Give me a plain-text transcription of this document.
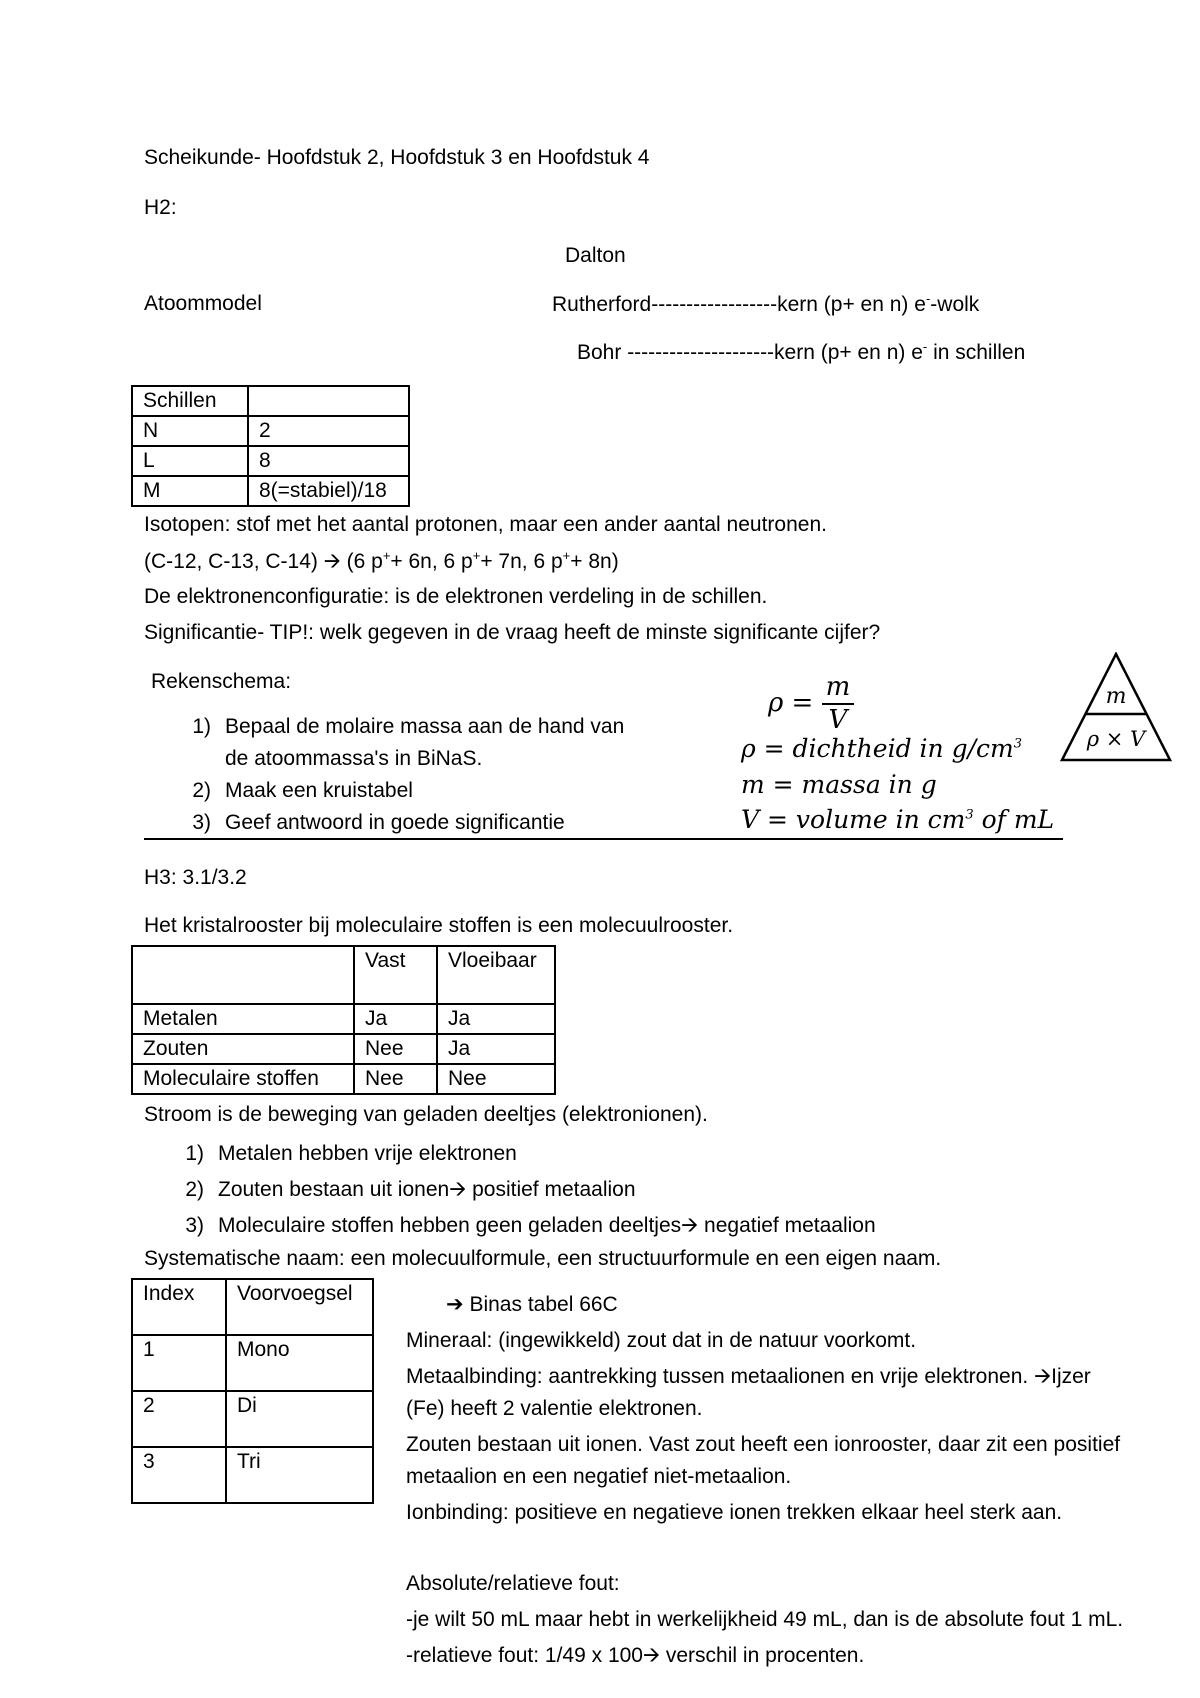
Scheikunde- Hoofdstuk 2, Hoofdstuk 3 en Hoofdstuk 4
H2:
Dalton
Atoommodel	Rutherford------------------kern (p+ en n) e--wolk
Bohr ---------------------kern (p+ en n) e- in schillen
Schillen	
N	2
L	8
M	8(=stabiel)/18
Isotopen: stof met het aantal protonen, maar een ander aantal neutronen.
(C-12, C-13, C-14) 🡪 (6 p++ 6n, 6 p++ 7n, 6 p++ 8n)
De elektronenconfiguratie: is de elektronen verdeling in de schillen.
Significantie- TIP!: welk gegeven in de vraag heeft de minste significante cijfer?
Rekenschema:
1) Bepaal de molaire massa aan de hand van
de atoommassa's in BiNaS.
2) Maak een kruistabel
3) Geef antwoord in goede significantie
$\rho = \frac{m}{V}$
ρ = dichtheid in $g/cm^3$
m = massa in g
V = volume in $cm^3$ of mL
m
ρ × V
H3: 3.1/3.2
Het kristalrooster bij moleculaire stoffen is een molecuulrooster.
	Vast	Vloeibaar
Metalen	Ja	Ja
Zouten	Nee	Ja
Moleculaire stoffen	Nee	Nee
Stroom is de beweging van geladen deeltjes (elektronionen).
1) Metalen hebben vrije elektronen
2) Zouten bestaan uit ionen🡪 positief metaalion
3) Moleculaire stoffen hebben geen geladen deeltjes🡪 negatief metaalion
Systematische naam: een molecuulformule, een structuurformule en een eigen naam.
Index	Voorvoegsel
1	Mono
2	Di
3	Tri
➔ Binas tabel 66C
Mineraal: (ingewikkeld) zout dat in de natuur voorkomt.
Metaalbinding: aantrekking tussen metaalionen en vrije elektronen. 🡪Ijzer
(Fe) heeft 2 valentie elektronen.
Zouten bestaan uit ionen. Vast zout heeft een ionrooster, daar zit een positief
metaalion en een negatief niet-metaalion.
Ionbinding: positieve en negatieve ionen trekken elkaar heel sterk aan.
Absolute/relatieve fout:
-je wilt 50 mL maar hebt in werkelijkheid 49 mL, dan is de absolute fout 1 mL.
-relatieve fout: 1/49 x 100🡪 verschil in procenten.
